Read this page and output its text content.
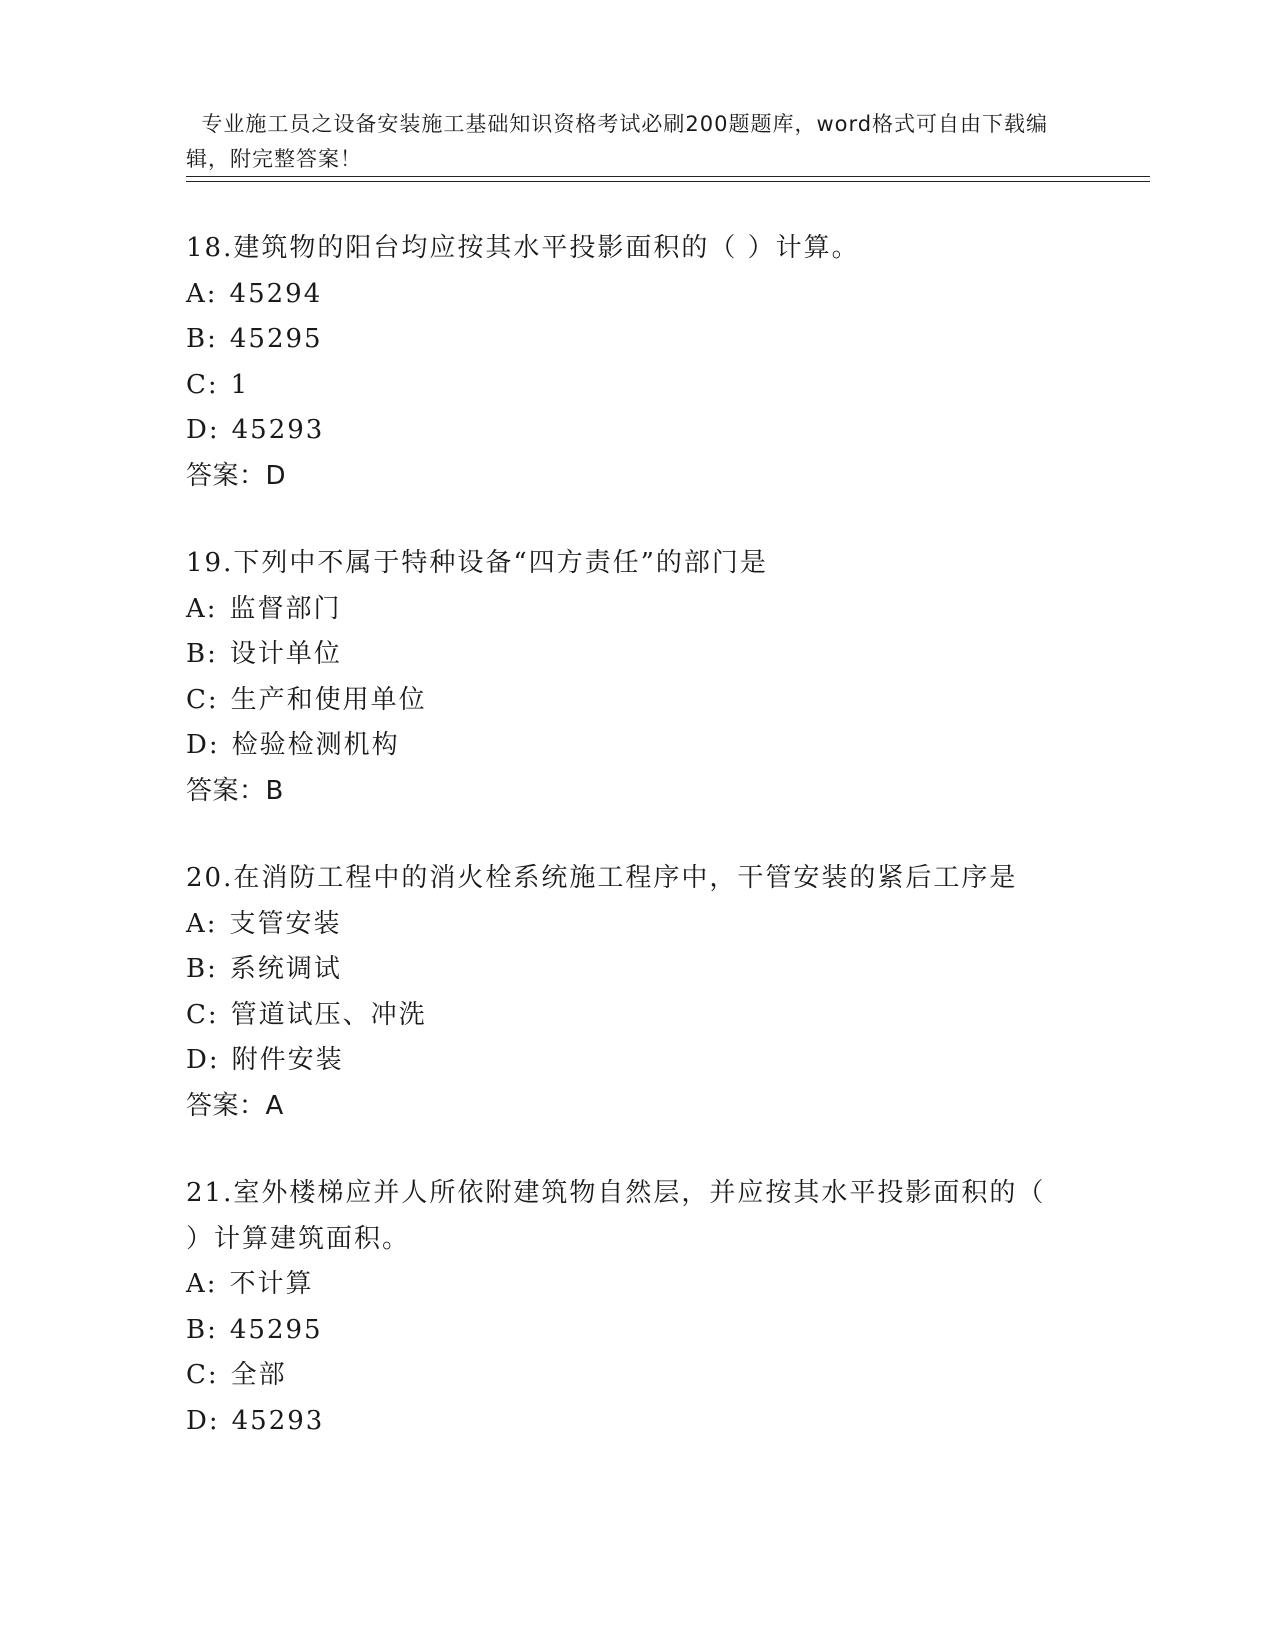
专业施工员之设备安装施工基础知识资格考试必刷200题题库，word格式可自由下载编辑，附完整答案！

18.建筑物的阳台均应按其水平投影面积的（ ）计算。
A: 45294
B: 45295
C: 1
D: 45293
答案：D
19.下列中不属于特种设备“四方责任”的部门是
A: 监督部门
B: 设计单位
C: 生产和使用单位
D: 检验检测机构
答案：B
20.在消防工程中的消火栓系统施工程序中，干管安装的紧后工序是
A: 支管安装
B: 系统调试
C: 管道试压、冲洗
D: 附件安装
答案：A
21.室外楼梯应并人所依附建筑物自然层，并应按其水平投影面积的（
）计算建筑面积。
A: 不计算
B: 45295
C: 全部
D: 45293
